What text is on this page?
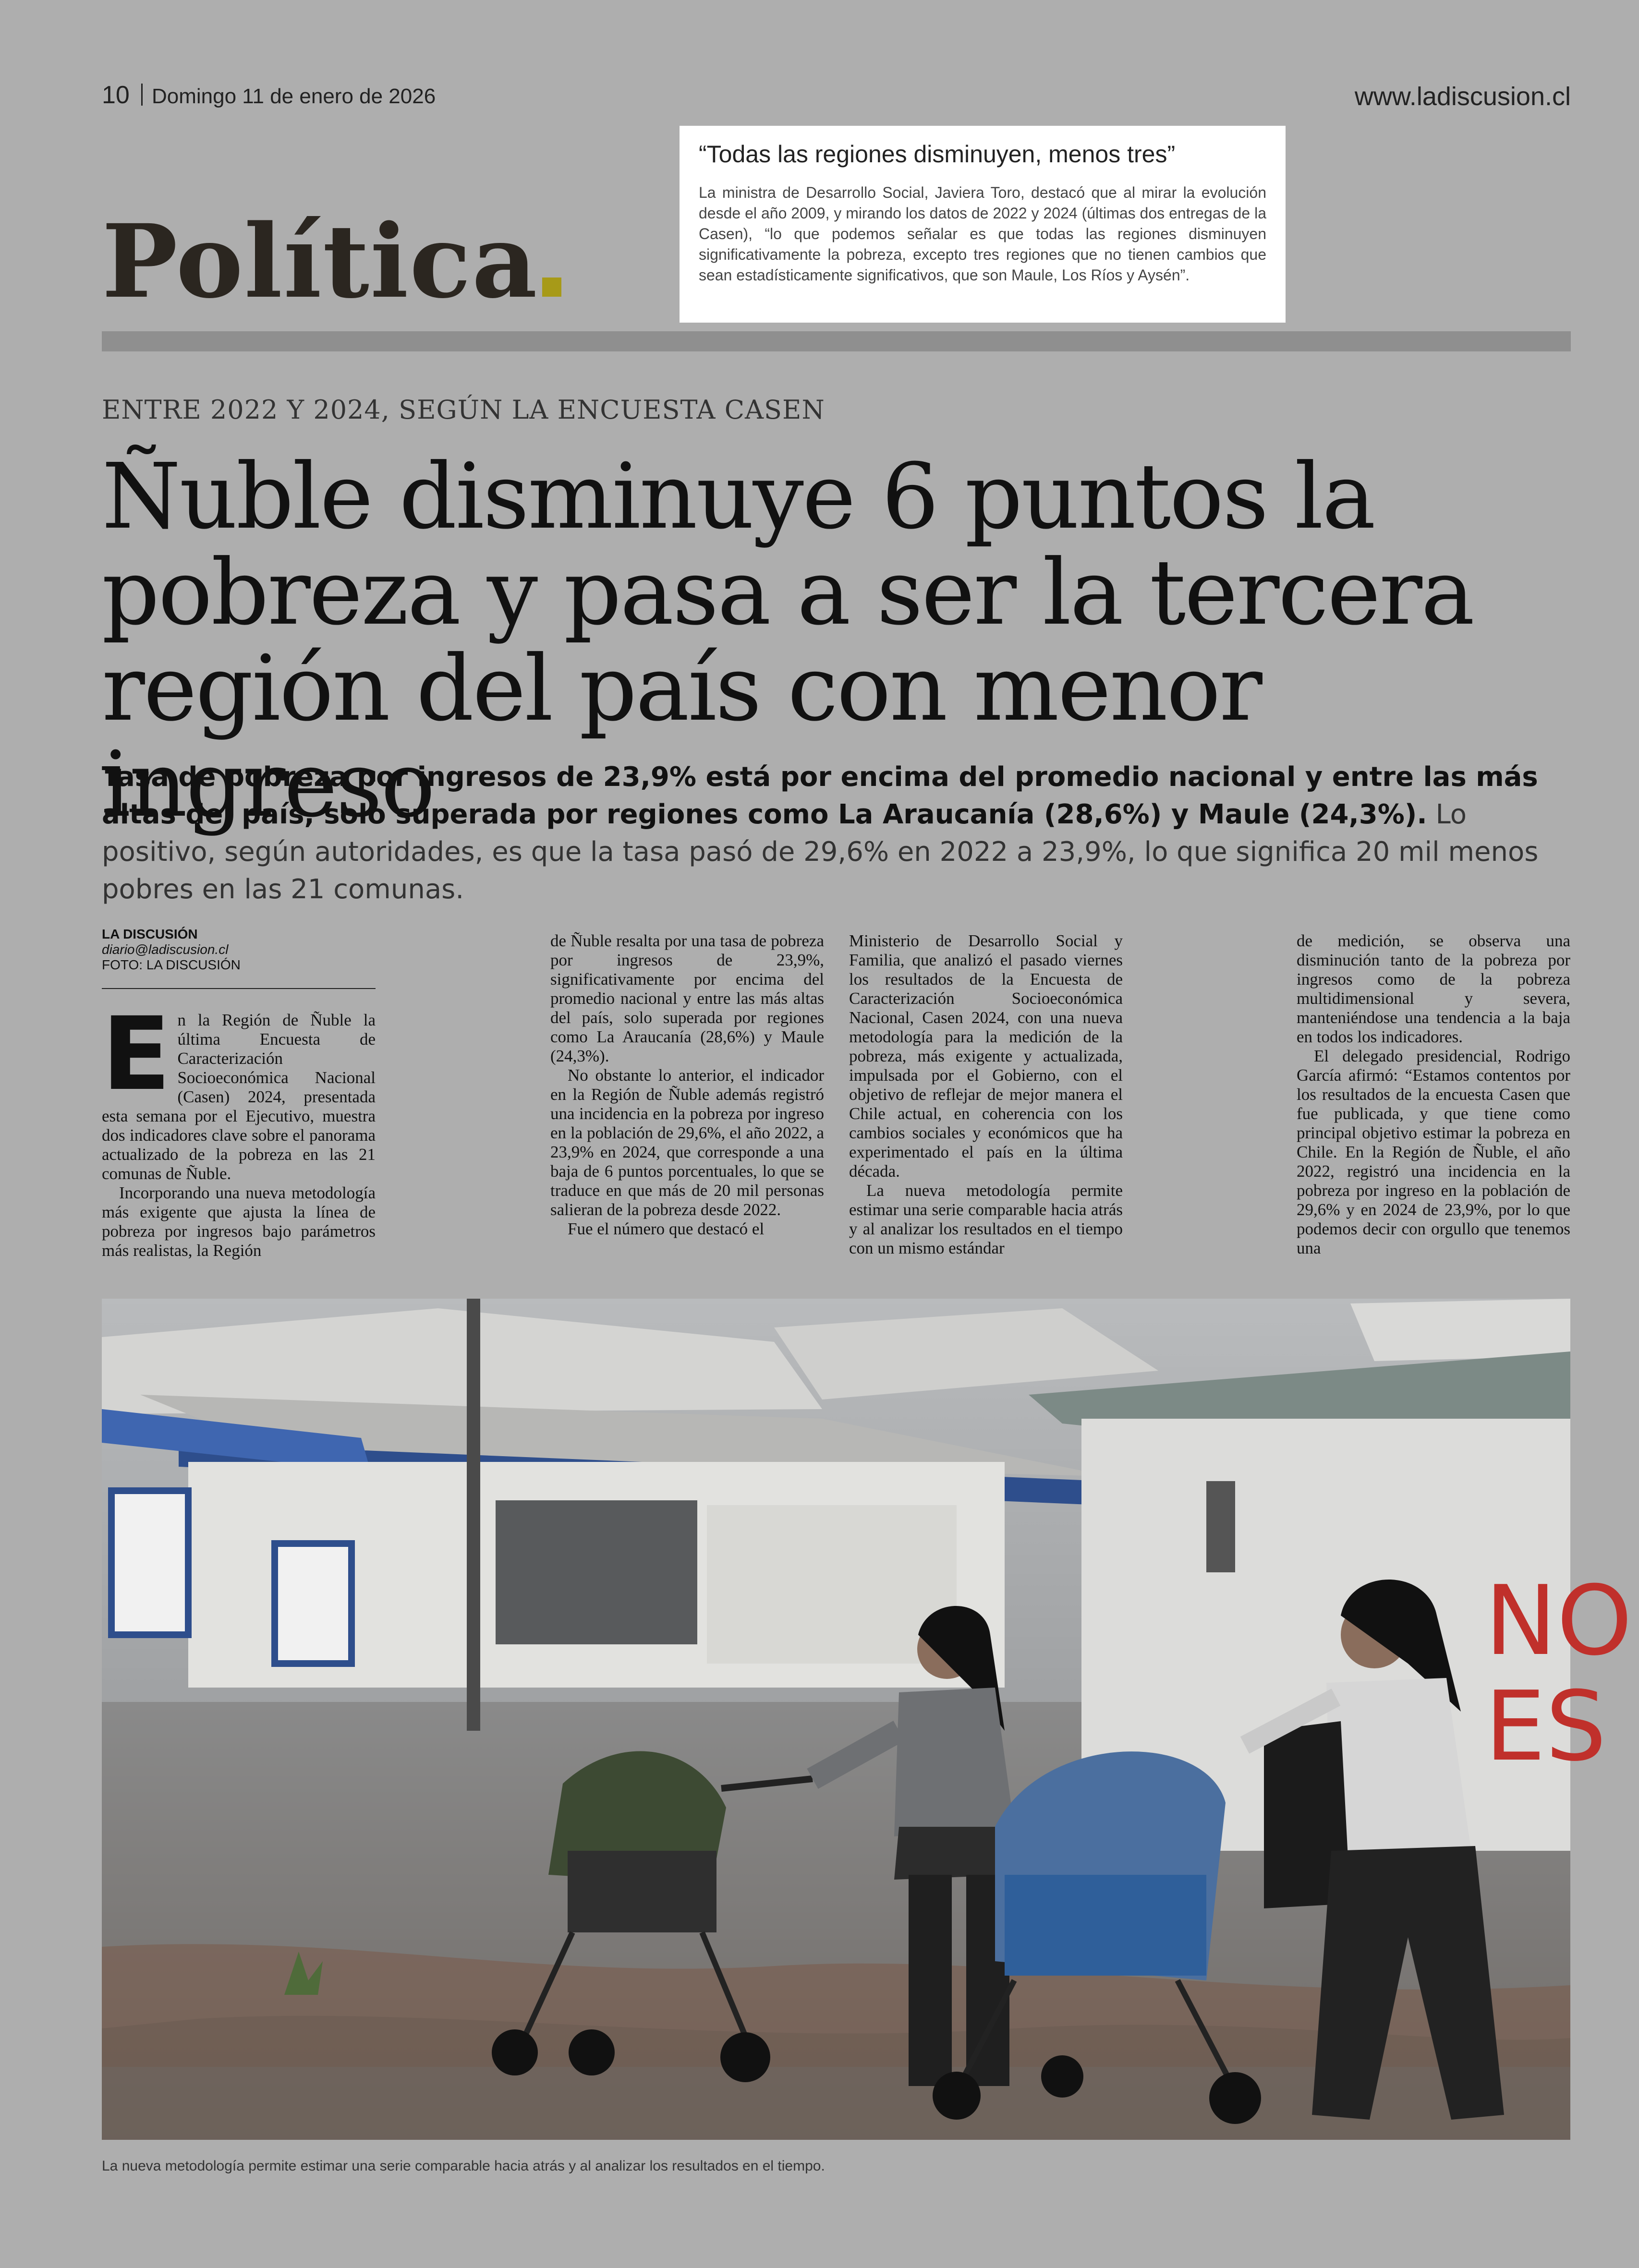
10 Domingo 11 de enero de 2026	www.ladiscusion.cl
Política
“Todas las regiones disminuyen, menos tres”
La ministra de Desarrollo Social, Javiera Toro, destacó que al mirar la evolución desde el año 2009, y mirando los datos de 2022 y 2024 (últimas dos entregas de la Casen), “lo que podemos señalar es que todas las regiones disminuyen significativamente la pobreza, excepto tres regiones que no tienen cambios que sean estadísticamente significativos, que son Maule, Los Ríos y Aysén”.
ENTRE 2022 Y 2024, SEGÚN LA ENCUESTA CASEN
Ñuble disminuye 6 puntos la pobreza y pasa a ser la tercera región del país con menor ingreso
Tasa de pobreza por ingresos de 23,9% está por encima del promedio nacional y entre las más altas del país, solo superada por regiones como La Araucanía (28,6%) y Maule (24,3%). Lo positivo, según autoridades, es que la tasa pasó de 29,6% en 2022 a 23,9%, lo que significa 20 mil menos pobres en las 21 comunas.
LA DISCUSIÓN
diario@ladiscusion.cl
FOTO: LA DISCUSIÓN

En la Región de Ñuble la última Encuesta de Caracterización Socioeconómica Nacional (Casen) 2024, presentada esta semana por el Ejecutivo, muestra dos indicadores clave sobre el panorama actualizado de la pobreza en las 21 comunas de Ñuble.

Incorporando una nueva metodología más exigente que ajusta la línea de pobreza por ingresos bajo parámetros más realistas, la Región

de Ñuble resalta por una tasa de pobreza por ingresos de 23,9%, significativamente por encima del promedio nacional y entre las más altas del país, solo superada por regiones como La Araucanía (28,6%) y Maule (24,3%).

No obstante lo anterior, el indicador en la Región de Ñuble además registró una incidencia en la pobreza por ingreso en la población de 29,6%, el año 2022, a 23,9% en 2024, que corresponde a una baja de 6 puntos porcentuales, lo que se traduce en que más de 20 mil personas salieran de la pobreza desde 2022.

Fue el número que destacó el

Ministerio de Desarrollo Social y Familia, que analizó el pasado viernes los resultados de la Encuesta de Caracterización Socioeconómica Nacional, Casen 2024, con una nueva metodología para la medición de la pobreza, más exigente y actualizada, impulsada por el Gobierno, con el objetivo de reflejar de mejor manera el Chile actual, en coherencia con los cambios sociales y económicos que ha experimentado el país en la última década.

La nueva metodología permite estimar una serie comparable hacia atrás y al analizar los resultados en el tiempo con un mismo estándar

de medición, se observa una disminución tanto de la pobreza por ingresos como de la pobreza multidimensional y severa, manteniéndose una tendencia a la baja en todos los indicadores.

El delegado presidencial, Rodrigo García afirmó: “Estamos contentos por los resultados de la encuesta Casen que fue publicada, y que tiene como principal objetivo estimar la pobreza en Chile. En la Región de Ñuble, el año 2022, registró una incidencia en la pobreza por ingreso en la población de 29,6% y en 2024 de 23,9%, por lo que podemos decir con orgullo que tenemos una

NO
ES
La nueva metodología permite estimar una serie comparable hacia atrás y al analizar los resultados en el tiempo.
